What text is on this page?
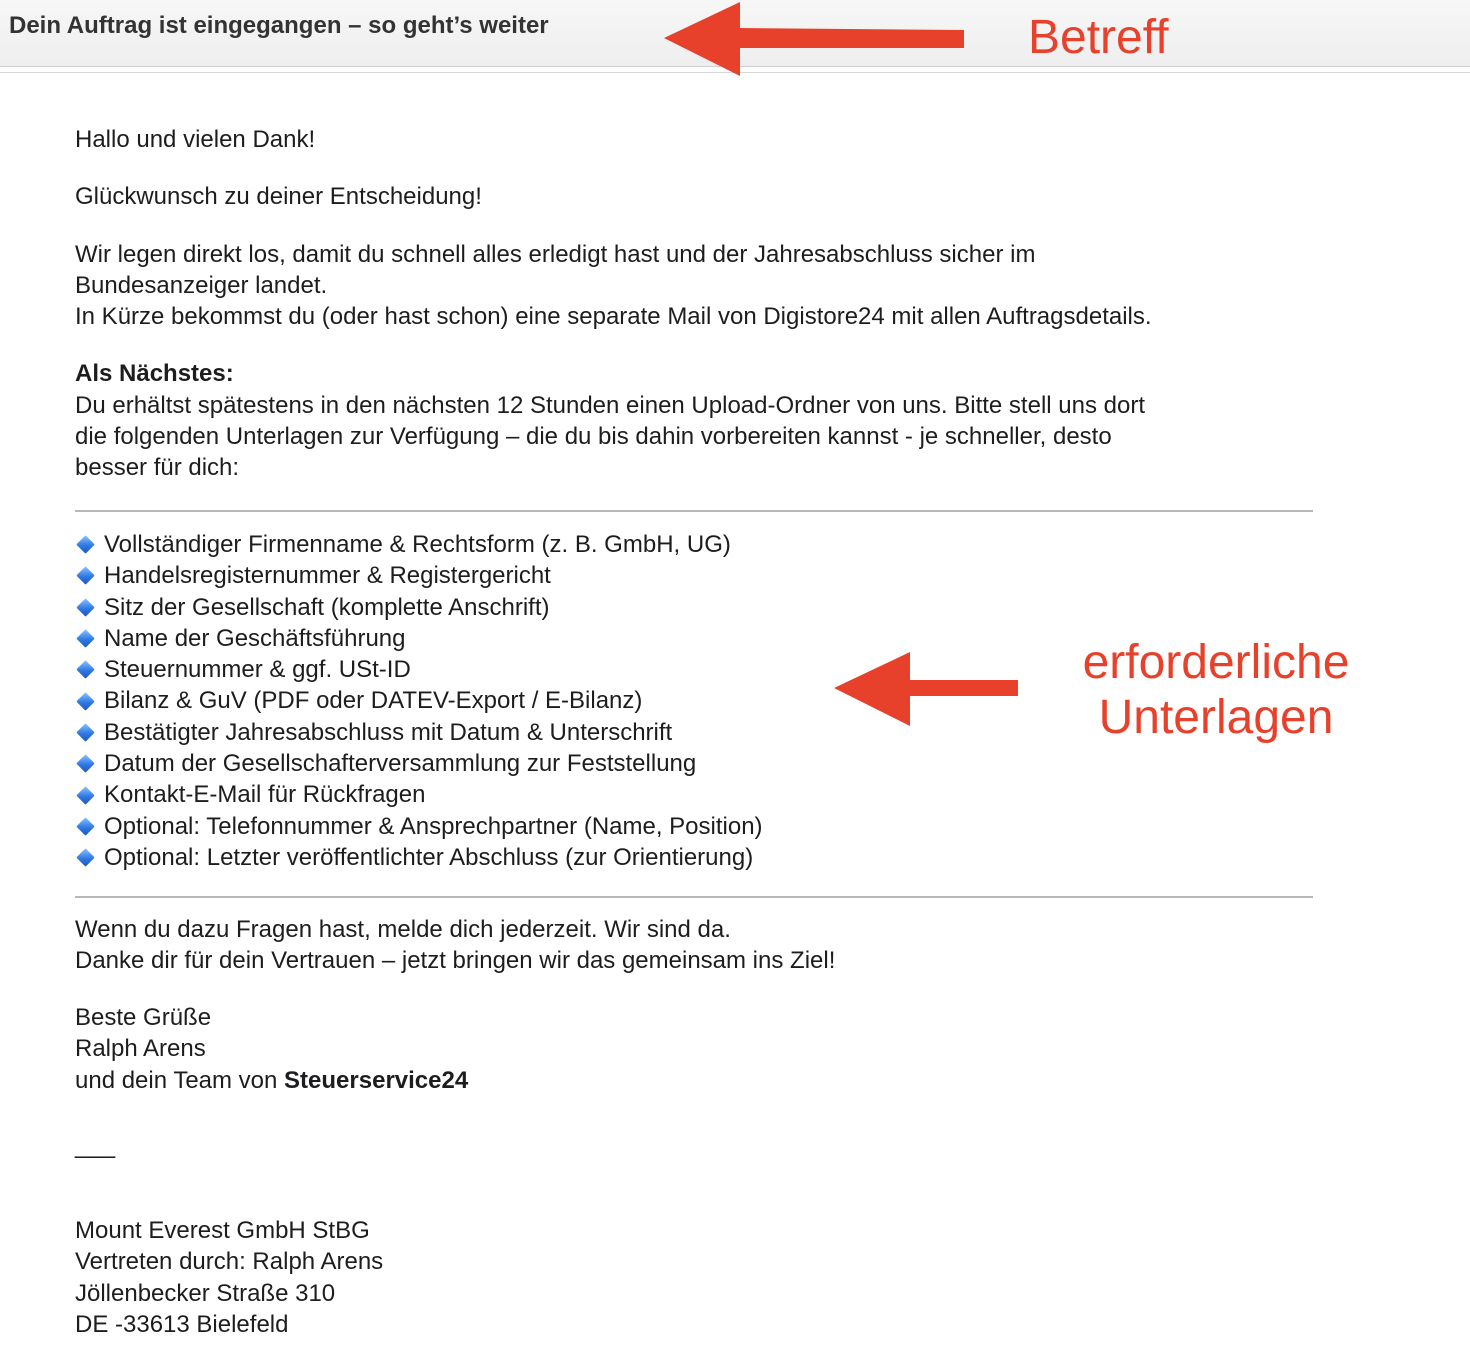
Dein Auftrag ist eingegangen – so geht’s weiter	Betreff
erforderliche
Unterlagen

Hallo und vielen Dank!

Glückwunsch zu deiner Entscheidung!

Wir legen direkt los, damit du schnell alles erledigt hast und der Jahresabschluss sicher im
Bundesanzeiger landet.
In Kürze bekommst du (oder hast schon) eine separate Mail von Digistore24 mit allen Auftragsdetails.

Als Nächstes:
Du erhältst spätestens in den nächsten 12 Stunden einen Upload-Ordner von uns. Bitte stell uns dort
die folgenden Unterlagen zur Verfügung – die du bis dahin vorbereiten kannst - je schneller, desto
besser für dich:

Vollständiger Firmenname & Rechtsform (z. B. GmbH, UG)
Handelsregisternummer & Registergericht
Sitz der Gesellschaft (komplette Anschrift)
Name der Geschäftsführung
Steuernummer & ggf. USt-ID
Bilanz & GuV (PDF oder DATEV-Export / E-Bilanz)
Bestätigter Jahresabschluss mit Datum & Unterschrift
Datum der Gesellschafterversammlung zur Feststellung
Kontakt-E-Mail für Rückfragen
Optional: Telefonnummer & Ansprechpartner (Name, Position)
Optional: Letzter veröffentlichter Abschluss (zur Orientierung)
Wenn du dazu Fragen hast, melde dich jederzeit. Wir sind da.
Danke dir für dein Vertrauen – jetzt bringen wir das gemeinsam ins Ziel!
Beste Grüße
Ralph Arens
und dein Team von Steuerservice24
___
Mount Everest GmbH StBG
Vertreten durch: Ralph Arens
Jöllenbecker Straße 310
DE -33613 Bielefeld
